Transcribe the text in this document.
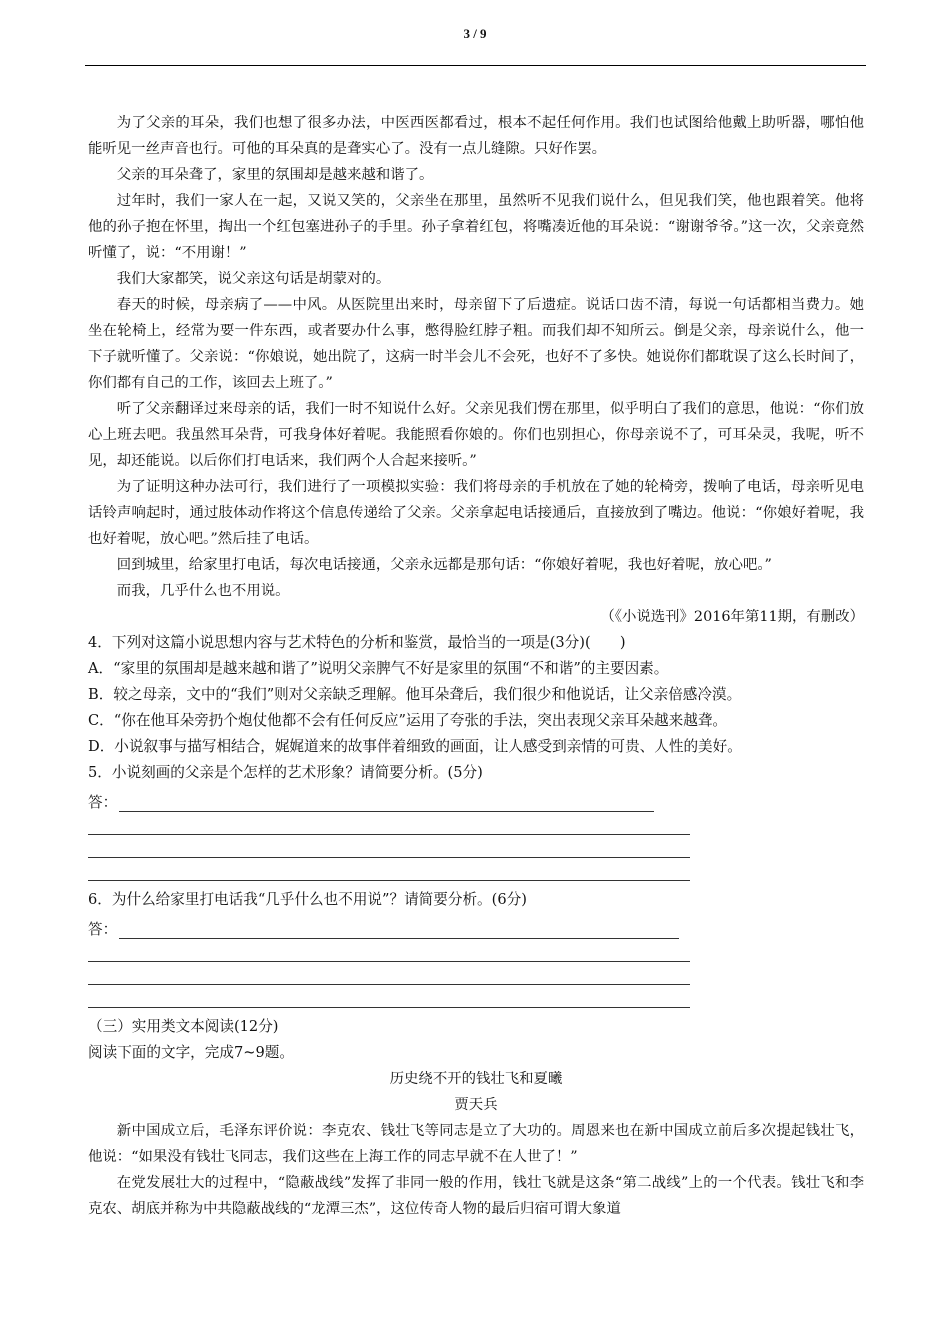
3 / 9

为了父亲的耳朵，我们也想了很多办法，中医西医都看过，根本不起任何作用。我们也试图给他戴上助听器，哪怕他能听见一丝声音也行。可他的耳朵真的是聋实心了。没有一点儿缝隙。只好作罢。

父亲的耳朵聋了，家里的氛围却是越来越和谐了。

过年时，我们一家人在一起，又说又笑的，父亲坐在那里，虽然听不见我们说什么，但见我们笑，他也跟着笑。他将他的孙子抱在怀里，掏出一个红包塞进孙子的手里。孙子拿着红包，将嘴凑近他的耳朵说：“谢谢爷爷。”这一次，父亲竟然听懂了，说：“不用谢！”

我们大家都笑，说父亲这句话是胡蒙对的。

春天的时候，母亲病了——中风。从医院里出来时，母亲留下了后遗症。说话口齿不清，每说一句话都相当费力。她坐在轮椅上，经常为要一件东西，或者要办什么事，憋得脸红脖子粗。而我们却不知所云。倒是父亲，母亲说什么，他一下子就听懂了。父亲说：“你娘说，她出院了，这病一时半会儿不会死，也好不了多快。她说你们都耽误了这么长时间了，你们都有自己的工作，该回去上班了。”

听了父亲翻译过来母亲的话，我们一时不知说什么好。父亲见我们愣在那里，似乎明白了我们的意思，他说：“你们放心上班去吧。我虽然耳朵背，可我身体好着呢。我能照看你娘的。你们也别担心，你母亲说不了，可耳朵灵，我呢，听不见，却还能说。以后你们打电话来，我们两个人合起来接听。”

为了证明这种办法可行，我们进行了一项模拟实验：我们将母亲的手机放在了她的轮椅旁，拨响了电话，母亲听见电话铃声响起时，通过肢体动作将这个信息传递给了父亲。父亲拿起电话接通后，直接放到了嘴边。他说：“你娘好着呢，我也好着呢，放心吧。”然后挂了电话。

回到城里，给家里打电话，每次电话接通，父亲永远都是那句话：“你娘好着呢，我也好着呢，放心吧。”

而我，几乎什么也不用说。

（《小说选刊》2016年第11期，有删改）

4．下列对这篇小说思想内容与艺术特色的分析和鉴赏，最恰当的一项是(3分)(　　)

A．“家里的氛围却是越来越和谐了”说明父亲脾气不好是家里的氛围“不和谐”的主要因素。

B．较之母亲，文中的“我们”则对父亲缺乏理解。他耳朵聋后，我们很少和他说话，让父亲倍感冷漠。

C．“你在他耳朵旁扔个炮仗他都不会有任何反应”运用了夸张的手法，突出表现父亲耳朵越来越聋。

D．小说叙事与描写相结合，娓娓道来的故事伴着细致的画面，让人感受到亲情的可贵、人性的美好。

5．小说刻画的父亲是个怎样的艺术形象？请简要分析。(5分)

答：

6．为什么给家里打电话我“几乎什么也不用说”？请简要分析。(6分)

答：

（三）实用类文本阅读(12分)

阅读下面的文字，完成7~9题。

历史绕不开的钱壮飞和夏曦

贾天兵

新中国成立后，毛泽东评价说：李克农、钱壮飞等同志是立了大功的。周恩来也在新中国成立前后多次提起钱壮飞，他说：“如果没有钱壮飞同志，我们这些在上海工作的同志早就不在人世了！”

在党发展壮大的过程中，“隐蔽战线”发挥了非同一般的作用，钱壮飞就是这条“第二战线”上的一个代表。钱壮飞和李克农、胡底并称为中共隐蔽战线的“龙潭三杰”，这位传奇人物的最后归宿可谓大象道
